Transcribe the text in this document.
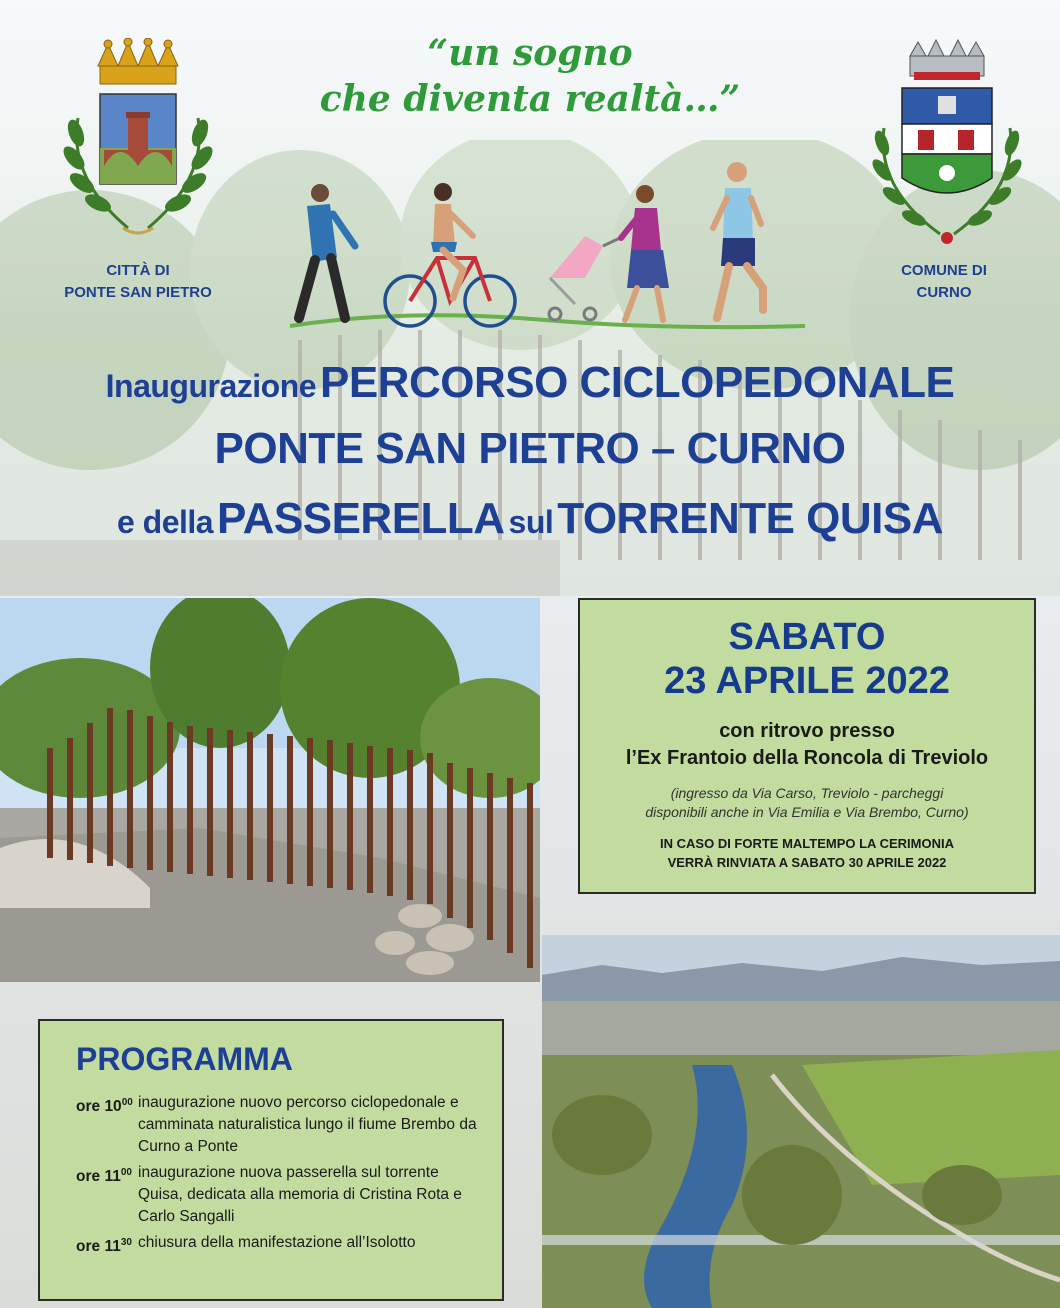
“un sogno
che diventa realtà…”
CITTÀ DI
PONTE SAN PIETRO
COMUNE DI
CURNO
Inaugurazione PERCORSO CICLOPEDONALE
PONTE SAN PIETRO – CURNO
e della PASSERELLA sul TORRENTE QUISA
SABATO
23 APRILE 2022
con ritrovo presso
l’Ex Frantoio della Roncola di Treviolo
(ingresso da Via Carso, Treviolo - parcheggi
disponibili anche in Via Emilia e Via Brembo, Curno)
IN CASO DI FORTE MALTEMPO LA CERIMONIA
VERRÀ RINVIATA A SABATO 30 APRILE 2022
PROGRAMMA
ore $10^{00}$ inaugurazione nuovo percorso ciclopedonale e camminata naturalistica lungo il fiume Brembo da Curno a Ponte
ore $11^{00}$ inaugurazione nuova passerella sul torrente Quisa, dedicata alla memoria di Cristina Rota e Carlo Sangalli
ore $11^{30}$ chiusura della manifestazione all’Isolotto
